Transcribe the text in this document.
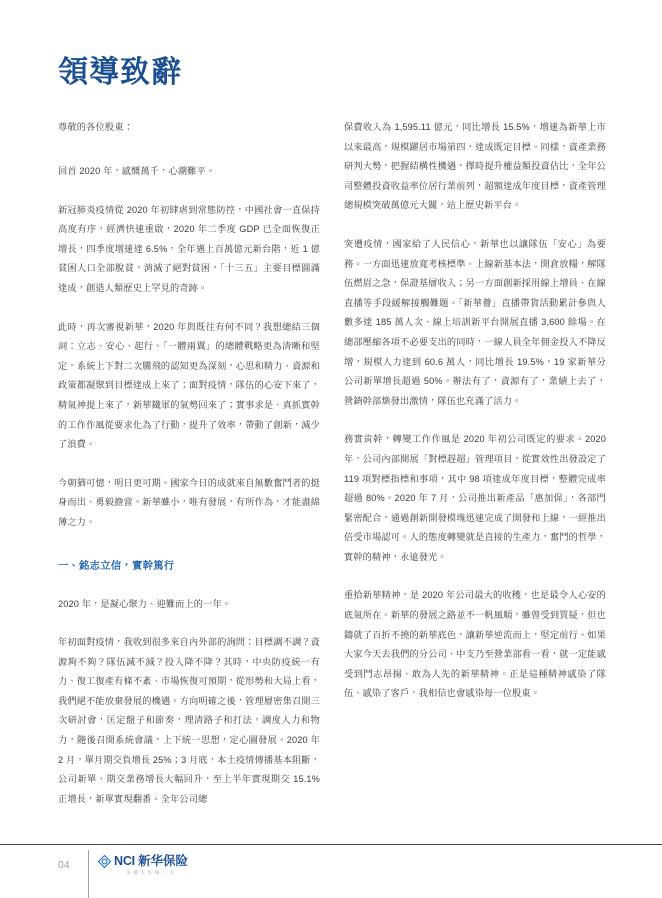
領導致辭
尊敬的各位股東：

回首 2020 年，感慨萬千，心潮難平。

新冠肺炎疫情從 2020 年初肆虐到常態防控，中國社會一直保持高度有序，經濟快速重啟，2020 年二季度 GDP 已全面恢復正增長，四季度增速達 6.5%，全年邁上百萬億元新台階，近 1 億貧困人口全部脫貧，消滅了絕對貧困，「十三五」主要目標圓滿達成，創造人類歷史上罕見的奇跡。

此時，再次審視新華，2020 年與既往有何不同？我想總結三個詞：立志、安心、起行。「一體兩翼」的總體戰略更為清晰和堅定，系統上下對二次騰飛的認知更為深刻，心思和精力、資源和政策都凝聚到目標達成上來了；面對疫情，隊伍的心安下來了，精氣神提上來了，新華鐵軍的氣勢回來了；實事求是、真抓實幹的工作作風從要求化為了行動，提升了效率，帶動了創新，減少了浪費。

今朝猶可憶，明日更可期。國家今日的成就來自無數奮鬥者的挺身而出、勇毅擔當。新華雖小，唯有發展，有所作為，才能盡綿薄之力。

一、銘志立信，實幹篤行

2020 年，是凝心聚力、迎難而上的一年。

年初面對疫情，我收到很多來自內外部的詢問：目標調不調？資源夠不夠？隊伍減不減？投入降不降？其時，中央防疫統一有力、復工復產有條不紊、市場恢復可預期，從形勢和大局上看，我們絕不能放棄發展的機遇。方向明確之後，管理層密集召開三次研討會，匡定盤子和節奏，理清路子和打法，調度人力和物力，隨後召開系統會議，上下統一思想，定心圖發展。2020 年 2 月，單月期交負增長 25%；3 月底，本土疫情傳播基本阻斷，公司新單、期交業務增長大幅回升，至上半年實現期交 15.1% 正增長，新單實現翻番。全年公司總

保費收入為 1,595.11 億元，同比增長 15.5%，增速為新華上市以來最高，規模躍居市場第四，達成既定目標。同樣，資產業務研判大勢，把握結構性機遇，擇時提升權益類投資佔比，全年公司整體投資收益率位居行業前列，超額達成年度目標，資產管理總規模突破萬億元大關，站上歷史新平台。

突遭疫情，國家給了人民信心，新華也以讓隊伍「安心」為要務。一方面迅速放寬考核標準、上線新基本法，開倉放糧，解隊伍燃眉之急，保證基層收入；另一方面創新採用線上增員、在線直播等手段緩解接觸難題。「新華薈」直播帶貨活動累計參與人數多達 185 萬人次、線上培訓新平台開展直播 3,600 餘場。在總部壓縮各項不必要支出的同時，一線人員全年佣金投入不降反增，規模人力達到 60.6 萬人，同比增長 19.5%，19 家新華分公司新單增長超過 50%。辦法有了，資源有了，業績上去了，營銷幹部煥發出激情，隊伍也充滿了活力。

務實肯幹，轉變工作作風是 2020 年初公司既定的要求。2020 年，公司內部開展「對標趕超」管理項目，從實效性出發設定了 119 項對標指標和事項，其中 98 項達成年度目標，整體完成率超過 80%。2020 年 7 月，公司推出新產品「惠加保」，各部門緊密配合，通過創新開發模塊迅速完成了開發和上線，一經推出倍受市場認可。人的態度轉變就是直接的生產力，奮鬥的哲學，實幹的精神，永遠發光。

重拾新華精神，是 2020 年公司最大的收穫，也是最令人心安的底氣所在。新華的發展之路並不一帆風順，雖曾受到質疑，但也鑄就了百折不撓的新華底色，讓新華逆流而上，堅定前行。如果大家今天去我們的分公司、中支乃至營業部看一看，就一定能感受到鬥志昂揚、敢為人先的新華精神。正是這種精神感染了隊伍、感染了客戶，我相信也會感染每一位股東。

04	NCI 新华保险
关爱人生每一天
